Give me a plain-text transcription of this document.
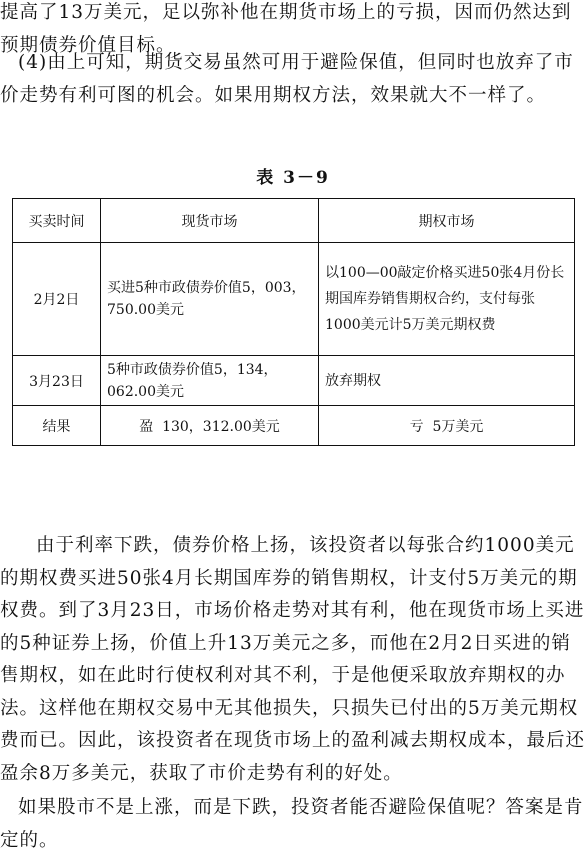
提高了13万美元，足以弥补他在期货市场上的亏损，因而仍然达到预期债券价值目标。

(4)由上可知，期货交易虽然可用于避险保值，但同时也放弃了市价走势有利可图的机会。如果用期权方法，效果就大不一样了。

表 3－9
买卖时间	现货市场	期权市场
2月2日	买进5种市政债券价值5，003，750.00美元	以100—00敲定价格买进50张4月份长期国库券销售期权合约，支付每张1000美元计5万美元期权费
3月23日	5种市政债券价值5，134，062.00美元	放弃期权
结果	盈  130，312.00美元	亏  5万美元

由于利率下跌，债券价格上扬，该投资者以每张合约1000美元的期权费买进50张4月长期国库券的销售期权，计支付5万美元的期权费。到了3月23日，市场价格走势对其有利，他在现货市场上买进的5种证券上扬，价值上升13万美元之多，而他在2月2日买进的销售期权，如在此时行使权利对其不利，于是他便采取放弃期权的办法。这样他在期权交易中无其他损失，只损失已付出的5万美元期权费而已。因此，该投资者在现货市场上的盈利减去期权成本，最后还盈余8万多美元，获取了市价走势有利的好处。

如果股市不是上涨，而是下跌，投资者能否避险保值呢？答案是肯定的。
